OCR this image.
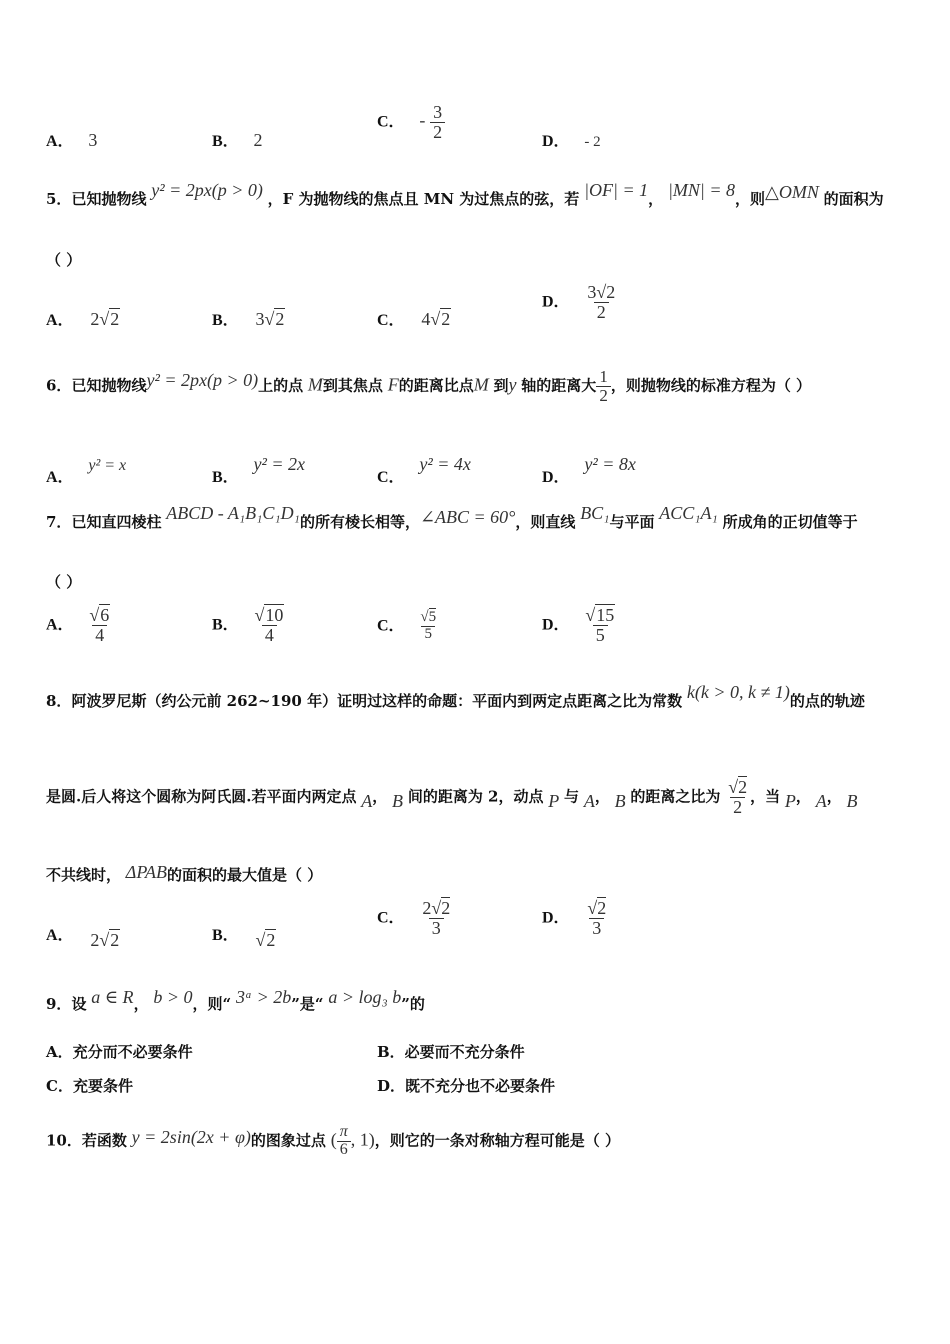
A． 3	B． 2
C． - $\frac{3}{2}$	D． - 2
5．已知抛物线 y² = 2px(p > 0) ，F 为抛物线的焦点且 MN 为过焦点的弦，若 |OF| = 1， |MN| = 8，则△OMN 的面积为
（ ）
A． 2√2	B． 3√2	C． 4√2
D． $\frac{3√2}{2}$
6．已知抛物线y² = 2px(p > 0)上的点 M到其焦点 F的距离比点M 到y 轴的距离大 $\frac{1}{2}$ ，则抛物线的标准方程为（ ）
A． y² = x
B． y² = 2x
C． y² = 4x
D． y² = 8x
7．已知直四棱柱 ABCD - A₁B₁C₁D₁的所有棱长相等，∠ABC = 60°，则直线 BC₁与平面 ACC₁A₁ 所成角的正切值等于
（ ）
A． $\frac{√6}{4}$	B． $\frac{√10}{4}$	C． $\frac{√5}{5}$	D． $\frac{√15}{5}$
8．阿波罗尼斯（约公元前 262~190 年）证明过这样的命题：平面内到两定点距离之比为常数 k(k > 0, k ≠ 1)的点的轨迹
是圆.后人将这个圆称为阿氏圆.若平面内两定点 A， B 间的距离为 2，动点 P 与 A， B 的距离之比为 $\frac{√2}{2}$ ，当 P， A， B
不共线时， ΔPAB的面积的最大值是（ ）
A． 2√2	B． √2
C． $\frac{2√2}{3}$	D． $\frac{√2}{3}$
9．设 a ∈ R， b > 0，则“ 3ᵃ > 2b”是“ a > log₃ b”的
A．充分而不必要条件	B．必要而不充分条件
C．充要条件	D．既不充分也不必要条件
10．若函数 y = 2sin(2x + φ)的图象过点 ( $\frac{\pi}{6}$ , 1)，则它的一条对称轴方程可能是（ ）
